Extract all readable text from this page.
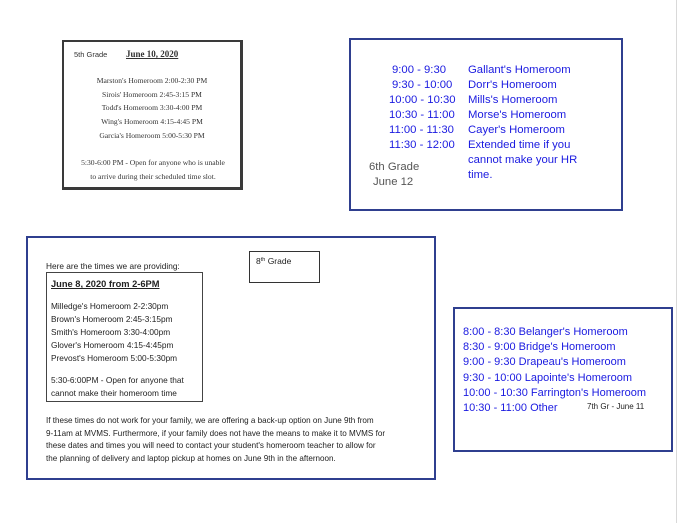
5th Grade June 10, 2020
Marston's Homeroom 2:00-2:30 PM
Sirois' Homeroom 2:45-3:15 PM
Todd's Homeroom 3:30-4:00 PM
Wing's Homeroom 4:15-4:45 PM
Garcia's Homeroom 5:00-5:30 PM
5:30-6:00 PM - Open for anyone who is unable
to arrive during their scheduled time slot.
9:00 - 9:30 Gallant's Homeroom
9:30 - 10:00 Dorr's Homeroom
10:00 - 10:30 Mills's Homeroom
10:30 - 11:00 Morse's Homeroom
11:00 - 11:30 Cayer's Homeroom
11:30 - 12:00 Extended time if you
cannot make your HR
time.
6th Grade
June 12
Here are the times we are providing:
June 8, 2020 from 2-6PM
Milledge's Homeroom 2-2:30pm
Brown's Homeroom 2:45-3:15pm
Smith's Homeroom 3:30-4:00pm
Glover's Homeroom 4:15-4:45pm
Prevost's Homeroom 5:00-5:30pm
5:30-6:00PM - Open for anyone that
cannot make their homeroom time
If these times do not work for your family, we are offering a back-up option on June 9th from
9-11am at MVMS. Furthermore, if your family does not have the means to make it to MVMS for
these dates and times you will need to contact your student's homeroom teacher to allow for
the planning of delivery and laptop pickup at homes on June 9th in the afternoon.
8th Grade
8:00 - 8:30 Belanger's Homeroom
8:30 - 9:00 Bridge's Homeroom
9:00 - 9:30 Drapeau's Homeroom
9:30 - 10:00 Lapointe's Homeroom
10:00 - 10:30 Farrington's Homeroom
10:30 - 11:00 Other	7th Gr - June 11
